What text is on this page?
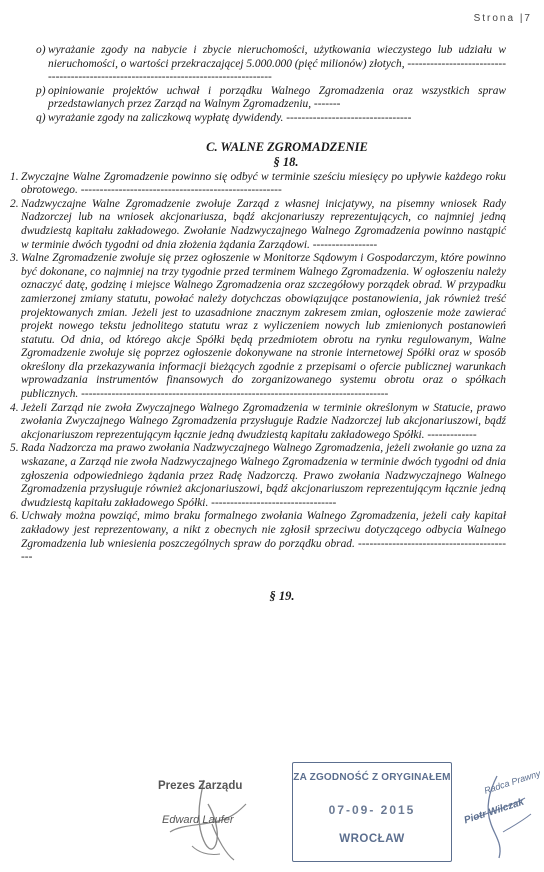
Strona |7
o) wyrażanie zgody na nabycie i zbycie nieruchomości, użytkowania wieczystego lub udziału w nieruchomości, o wartości przekraczającej 5.000.000 (pięć milionów) złotych, -------------------------------------------------------------------------------------
p) opiniowanie projektów uchwał i porządku Walnego Zgromadzenia oraz wszystkich spraw przedstawianych przez Zarząd na Walnym Zgromadzeniu, -------
q) wyrażanie zgody na zaliczkową wypłatę dywidendy. ---------------------------------
C. WALNE ZGROMADZENIE
§ 18.
1. Zwyczajne Walne Zgromadzenie powinno się odbyć w terminie sześciu miesięcy po upływie każdego roku obrotowego. -----------------------------------------------------
2. Nadzwyczajne Walne Zgromadzenie zwołuje Zarząd z własnej inicjatywy, na pisemny wniosek Rady Nadzorczej lub na wniosek akcjonariusza, bądź akcjonariuszy reprezentujących, co najmniej jedną dwudziestą kapitału zakładowego. Zwołanie Nadzwyczajnego Walnego Zgromadzenia powinno nastąpić w terminie dwóch tygodni od dnia złożenia żądania Zarządowi. -----------------
3. Walne Zgromadzenie zwołuje się przez ogłoszenie w Monitorze Sądowym i Gospodarczym, które powinno być dokonane, co najmniej na trzy tygodnie przed terminem Walnego Zgromadzenia. W ogłoszeniu należy oznaczyć datę, godzinę i miejsce Walnego Zgromadzenia oraz szczegółowy porządek obrad. W przypadku zamierzonej zmiany statutu, powołać należy dotychczas obowiązujące postanowienia, jak również treść projektowanych zmian. Jeżeli jest to uzasadnione znacznym zakresem zmian, ogłoszenie może zawierać projekt nowego tekstu jednolitego statutu wraz z wyliczeniem nowych lub zmienionych postanowień statutu. Od dnia, od którego akcje Spółki będą przedmiotem obrotu na rynku regulowanym, Walne Zgromadzenie zwołuje się poprzez ogłoszenie dokonywane na stronie internetowej Spółki oraz w sposób określony dla przekazywania informacji bieżących zgodnie z przepisami o ofercie publicznej warunkach wprowadzania instrumentów finansowych do zorganizowanego systemu obrotu oraz o spółkach publicznych. ---------------------------------------------------------------------------------
4. Jeżeli Zarząd nie zwoła Zwyczajnego Walnego Zgromadzenia w terminie określonym w Statucie, prawo zwołania Zwyczajnego Walnego Zgromadzenia przysługuje Radzie Nadzorczej lub akcjonariuszowi, bądź akcjonariuszom reprezentującym łącznie jedną dwudziestą kapitału zakładowego Spółki. -------------
5. Rada Nadzorcza ma prawo zwołania Nadzwyczajnego Walnego Zgromadzenia, jeżeli zwołanie go uzna za wskazane, a Zarząd nie zwoła Nadzwyczajnego Walnego Zgromadzenia w terminie dwóch tygodni od dnia zgłoszenia odpowiedniego żądania przez Radę Nadzorczą. Prawo zwołania Nadzwyczajnego Walnego Zgromadzenia przysługuje również akcjonariuszowi, bądź akcjonariuszom reprezentującym łącznie jedną dwudziestą kapitału zakładowego Spółki. ---------------------------------
6. Uchwały można powziąć, mimo braku formalnego zwołania Walnego Zgromadzenia, jeżeli cały kapitał zakładowy jest reprezentowany, a nikt z obecnych nie zgłosił sprzeciwu dotyczącego odbycia Walnego Zgromadzenia lub wniesienia poszczególnych spraw do porządku obrad. ------------------------------------------
§ 19.
Prezes Zarządu
Edward Laufer
ZA ZGODNOŚĆ Z ORYGINAŁEM
07-09- 2015
WROCŁAW
Radca Prawny
Piotr Wilczak
